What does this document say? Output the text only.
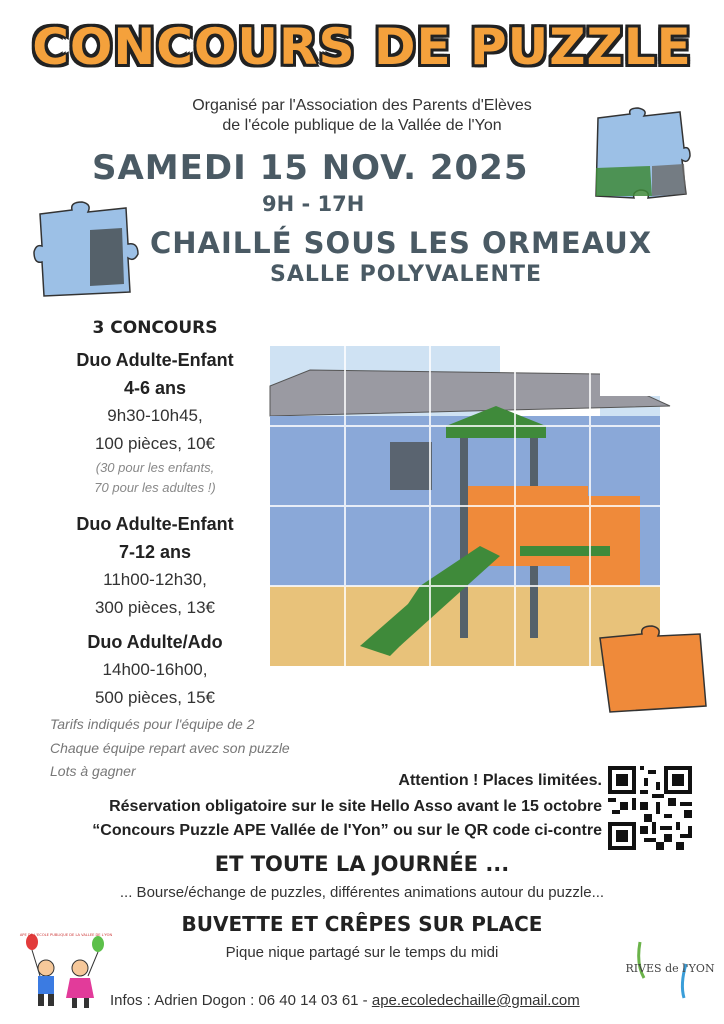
CONCOURS DE PUZZLE
Organisé par l'Association des Parents d'Elèves
de l'école publique de la Vallée de l'Yon
SAMEDI 15 NOV. 2025
9H - 17H
CHAILLÉ SOUS LES ORMEAUX
SALLE POLYVALENTE
3 CONCOURS
Duo Adulte-Enfant
4-6 ans
9h30-10h45,
100 pièces, 10€
(30 pour les enfants,
70 pour les adultes !)
Duo Adulte-Enfant
7-12 ans
11h00-12h30,
300 pièces, 13€
Duo Adulte/Ado
14h00-16h00,
500 pièces, 15€
Tarifs indiqués pour l'équipe de 2
Chaque équipe repart avec son puzzle
Lots à gagner
Attention ! Places limitées.
Réservation obligatoire sur le site Hello Asso avant le 15 octobre
“Concours Puzzle APE Vallée de l'Yon” ou sur le QR code ci-contre
ET TOUTE LA JOURNÉE ...
... Bourse/échange de puzzles, différentes animations autour du puzzle...
BUVETTE ET CRÊPES SUR PLACE
Pique nique partagé sur le temps du midi
APE DE L'ECOLE PUBLIQUE DE LA VALLEE DE L'YON
Infos : Adrien Dogon : 06 40 14 03 61 - ape.ecoledechaille@gmail.com
RIVES de l'YON
